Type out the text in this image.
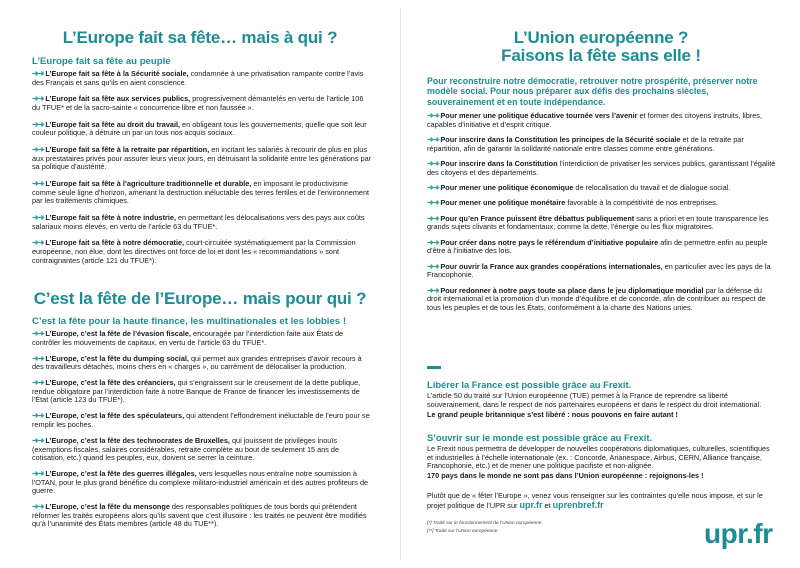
L’Europe fait sa fête… mais à qui ?
L’Europe fait sa fête au peuple

➜➜ L’Europe fait sa fête à la Sécurité sociale, condamnée à une privatisation rampante contre l’avis des Français et sans qu’ils en aient conscience.

➜➜ L’Europe fait sa fête aux services publics, progressivement démantelés en vertu de l’article 106 du TFUE* et de la sacro-sainte « concurrence libre et non faussée ».

➜➜ L’Europe fait sa fête au droit du travail, en obligeant tous les gouvernements, quelle que soit leur couleur politique, à détruire un par un tous nos acquis sociaux.

➜➜ L’Europe fait sa fête à la retraite par répartition, en incitant les salariés à recourir de plus en plus aux prestataires privés pour assurer leurs vieux jours, en détruisant la solidarité entre les générations par sa politique d’austérité.

➜➜ L’Europe fait sa fête à l’agriculture traditionnelle et durable, en imposant le productivisme comme seule ligne d’horizon, amenant la destruction inéluctable des terres fertiles et de l’environnement par les traitements chimiques.

➜➜ L’Europe fait sa fête à notre industrie, en permettant les délocalisations vers des pays aux coûts salariaux moins élevés, en vertu de l’article 63 du TFUE*.

➜➜ L’Europe fait sa fête à notre démocratie, court-circuitée systématiquement par la Commission européenne, non élue, dont les directives ont force de loi et dont les « recommandations » sont contraignantes (article 121 du TFUE*).

C’est la fête de l’Europe… mais pour qui ?
C’est la fête pour la haute finance, les multinationales et les lobbies !

➜➜ L’Europe, c’est la fête de l’évasion fiscale, encouragée par l’interdiction faite aux États de contrôler les mouvements de capitaux, en vertu de l’article 63 du TFUE*.

➜➜ L’Europe, c’est la fête du dumping social, qui permet aux grandes entreprises d’avoir recours à des travailleurs détachés, moins chers en « charges », ou carrément de délocaliser la production.

➜➜ L’Europe, c’est la fête des créanciers, qui s’engraissent sur le creusement de la dette publique, rendue obligatoire par l’interdiction faite à notre Banque de France de financer les investissements de l’État (article 123 du TFUE*).

➜➜ L’Europe, c’est la fête des spéculateurs, qui attendent l’effondrement inéluctable de l’euro pour se remplir les poches.

➜➜ L’Europe, c’est la fête des technocrates de Bruxelles, qui jouissent de privilèges inouïs (exemptions fiscales, salaires considérables, retraite complète au bout de seulement 15 ans de cotisation, etc.) quand les peuples, eux, doivent se serrer la ceinture.

➜➜ L’Europe, c’est la fête des guerres illégales, vers lesquelles nous entraîne notre soumission à l’OTAN, pour le plus grand bénéfice du complexe militaro-industriel américain et des autres profiteurs de guerre.

➜➜ L’Europe, c’est la fête du mensonge des responsables politiques de tous bords qui prétendent réformer les traités européens alors qu’ils savent que c’est illusoire : les traités ne peuvent être modifiés qu’à l’unanimité des États membres (article 48 du TUE**).

L’Union européenne ?
Faisons la fête sans elle !
Pour reconstruire notre démocratie, retrouver notre prospérité, préserver notre modèle social. Pour nous préparer aux défis des prochains siècles, souverainement et en toute indépendance.

➜➜ Pour mener une politique éducative tournée vers l’avenir et former des citoyens instruits, libres, capables d’initiative et d’esprit critique.

➜➜ Pour inscrire dans la Constitution les principes de la Sécurité sociale et de la retraite par répartition, afin de garantir la solidarité nationale entre classes comme entre générations.

➜➜ Pour inscrire dans la Constitution l’interdiction de privatiser les services publics, garantissant l’égalité des citoyens et des départements.

➜➜ Pour mener une politique économique de relocalisation du travail et de dialogue social.

➜➜ Pour mener une politique monétaire favorable à la compétitivité de nos entreprises.

➜➜ Pour qu’en France puissent être débattus publiquement sans a priori et en toute transparence les grands sujets clivants et fondamentaux, comme la dette, l’énergie ou les flux migratoires.

➜➜ Pour créer dans notre pays le référendum d’initiative populaire afin de permettre enfin au peuple d’être à l’initiative des lois.

➜➜ Pour ouvrir la France aux grandes coopérations internationales, en particulier avec les pays de la Francophonie.

➜➜ Pour redonner à notre pays toute sa place dans le jeu diplomatique mondial par la défense du droit international et la promotion d’un monde d’équilibre et de concorde, afin de contribuer au respect de tous les peuples et de tous les États, conformément à la charte des Nations unies.

Libérer la France est possible grâce au Frexit.
L’article 50 du traité sur l’Union européenne (TUE) permet à la France de reprendre sa liberté souverainement, dans le respect de nos partenaires européens et dans le respect du droit international.
Le grand peuple britannique s’est libéré : nous pouvons en faire autant !
S’ouvrir sur le monde est possible grâce au Frexit.
Le Frexit nous permettra de développer de nouvelles coopérations diplomatiques, culturelles, scientifiques et industrielles à l’échelle internationale (ex. : Concorde, Arianespace, Airbus, CERN, Alliance française, Francophonie, etc.) et de mener une politique pacifiste et non-alignée.
170 pays dans le monde ne sont pas dans l’Union européenne : rejoignons-les !
Plutôt que de « fêter l’Europe », venez vous renseigner sur les contraintes qu’elle nous impose, et sur le projet politique de l’UPR sur upr.fr et uprenbref.fr
[*] Traité sur le fonctionnement de l’Union européenne
[**] Traité sur l’Union européenne	upr.fr
